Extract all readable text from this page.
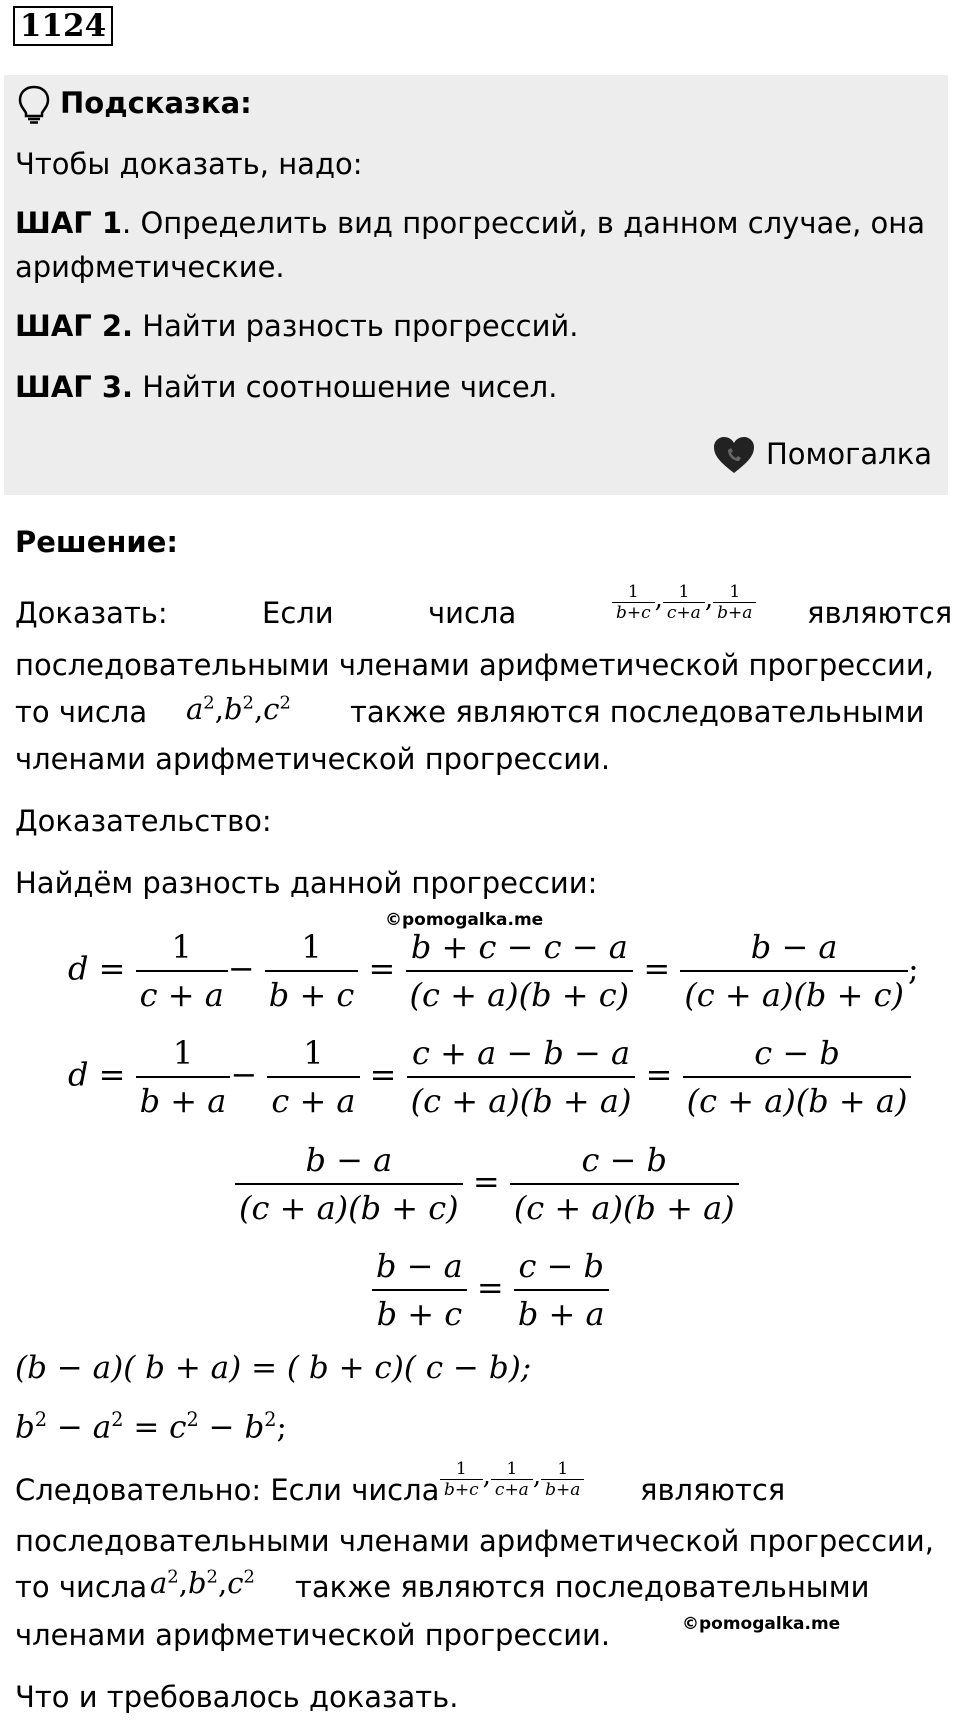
1124
Подсказка:
Чтобы доказать, надо:
ШАГ 1. Определить вид прогрессий, в данном случае, она
арифметические.
ШАГ 2. Найти разность прогрессий.
ШАГ 3. Найти соотношение чисел.
Помогалка
Решение:
Доказать:	Если	числа	$\frac{1}{b+c}$ , $\frac{1}{c+a}$ , $\frac{1}{b+a}$ являются
последовательными членами арифметической прогрессии,
то числа $a^2,b^2,c^2$ также являются последовательными
членами арифметической прогрессии.
Доказательство:
Найдём разность данной прогрессии:
©pomogalka.me
$d = \frac{1}{c + a} - \frac{1}{b + c} = \frac{b + c - c - a}{(c + a)(b + c)} = \frac{b - a}{(c + a)(b + c)}$ ;
$d = \frac{1}{b + a} - \frac{1}{c + a} = \frac{c + a - b - a}{(c + a)(b + a)} = \frac{c - b}{(c + a)(b + a)}$
$\frac{b - a}{(c + a)(b + c)} = \frac{c - b}{(c + a)(b + a)}$
$\frac{b - a}{b + c} = \frac{c - b}{b + a}$
(b − a)( b + a) = ( b + c)( c − b);
$b^2 - a^2 = c^2 - b^2$;
Следовательно: Если числа $\frac{1}{b+c}$ , $\frac{1}{c+a}$ , $\frac{1}{b+a}$ являются
последовательными членами арифметической прогрессии,
то числа $a^2,b^2,c^2$ также являются последовательными
членами арифметической прогрессии.	©pomogalka.me
Что и требовалось доказать.
